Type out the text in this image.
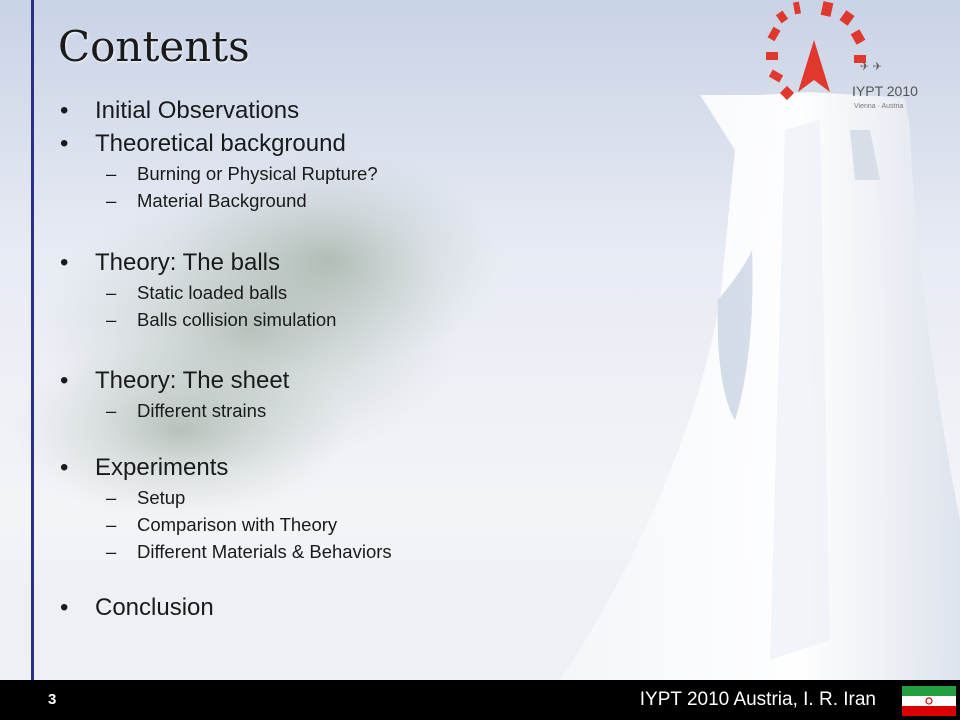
✈ ✈
IYPT 2010
Vienna · Austria
Contents
• Initial Observations
• Theoretical background
– Burning or Physical Rupture?
– Material Background
• Theory: The balls
– Static loaded balls
– Balls collision simulation
• Theory: The sheet
– Different strains
• Experiments
– Setup
– Comparison with Theory
– Different Materials & Behaviors
• Conclusion
3	IYPT 2010 Austria, I. R. Iran
